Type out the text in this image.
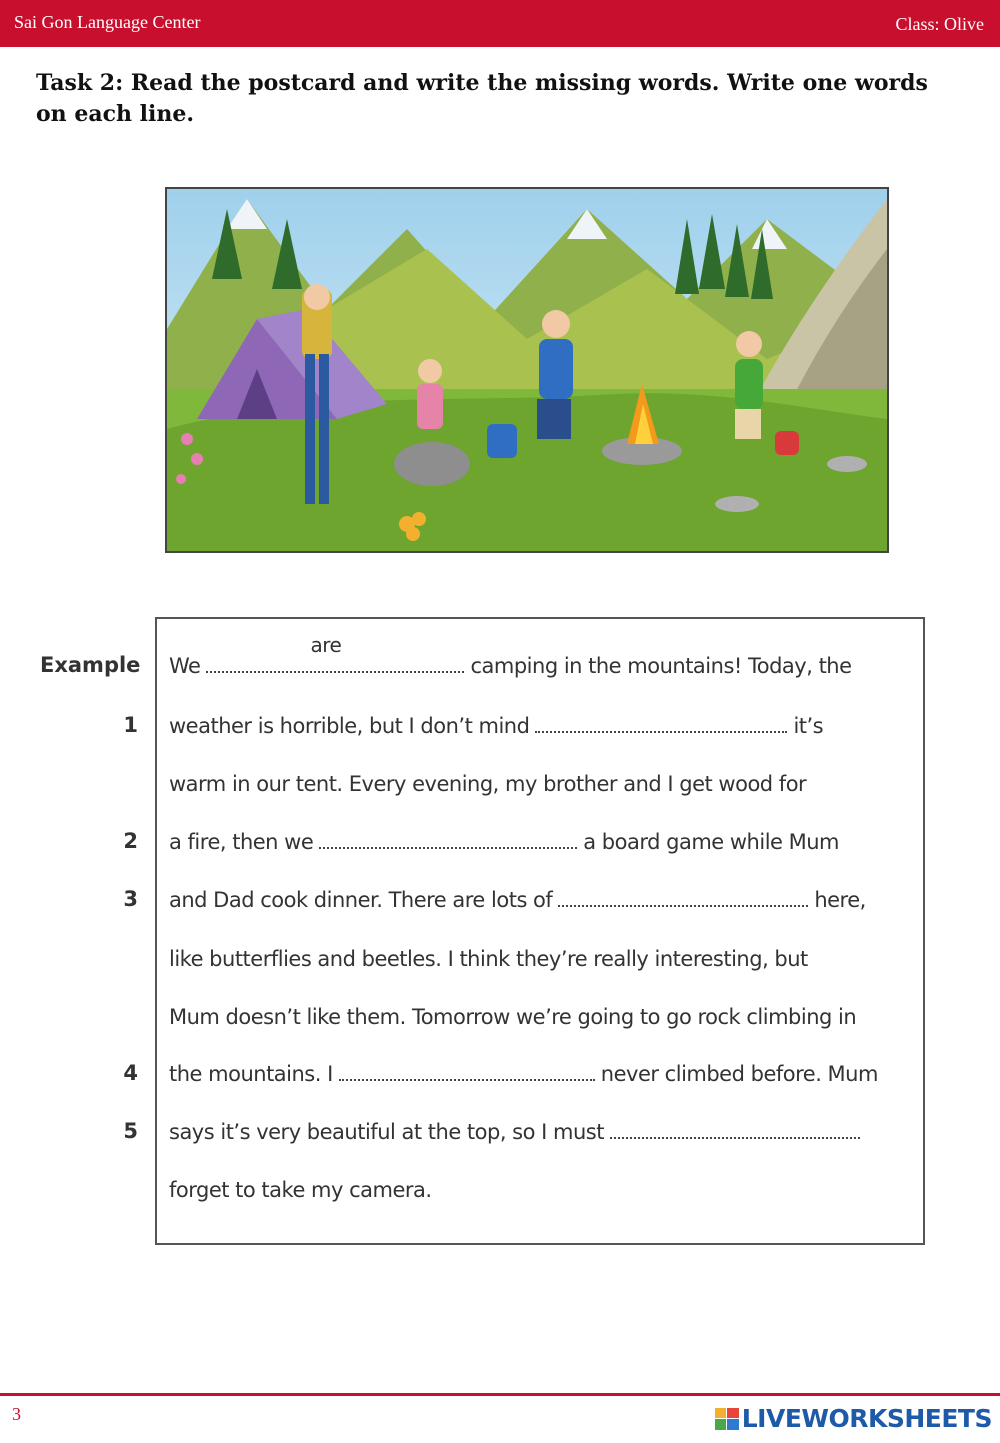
Sai Gon Language Center	Class: Olive
Task 2: Read the postcard and write the missing words. Write one words on each line.
Example We
are
camping in the mountains! Today, the
1 weather is horrible, but I don’t mind	it’s
warm in our tent. Every evening, my brother and I get wood for
2 a fire, then we	a board game while Mum
3 and Dad cook dinner. There are lots of	here,
like butterflies and beetles. I think they’re really interesting, but
Mum doesn’t like them. Tomorrow we’re going to go rock climbing in
4 the mountains. I	never climbed before. Mum
5 says it’s very beautiful at the top, so I must
forget to take my camera.
3	LIVEWORKSHEETS
